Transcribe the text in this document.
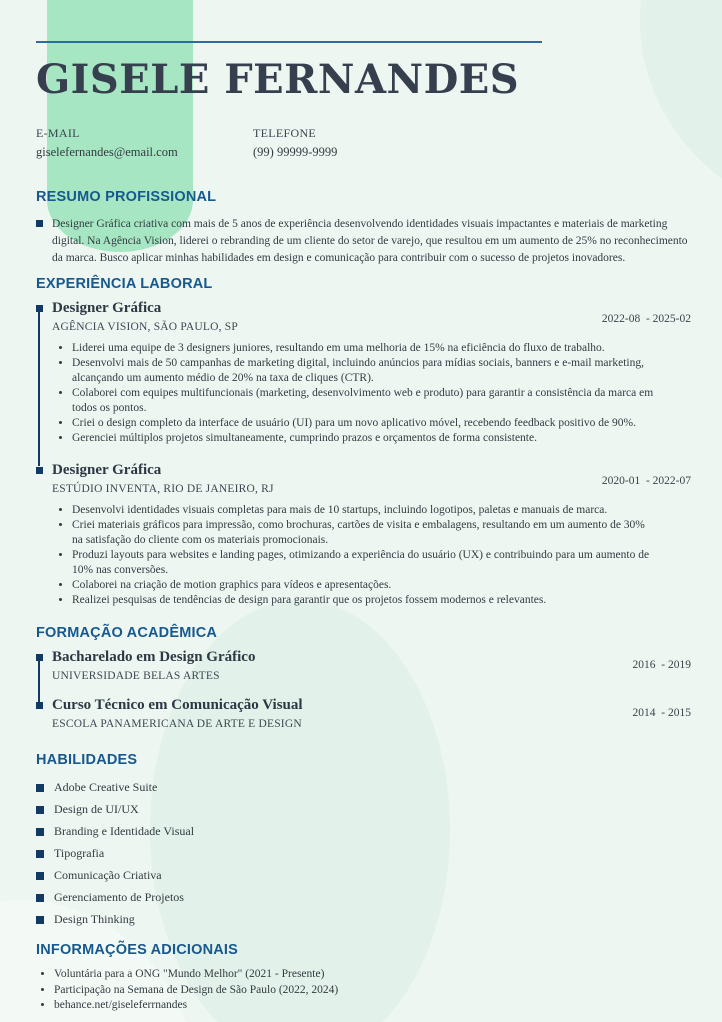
GISELE FERNANDES
E-MAIL
giselefernandes@email.com
TELEFONE
(99) 99999-9999
RESUMO PROFISSIONAL

Designer Gráfica criativa com mais de 5 anos de experiência desenvolvendo identidades visuais impactantes e materiais de marketing digital. Na Agência Vision, liderei o rebranding de um cliente do setor de varejo, que resultou em um aumento de 25% no reconhecimento da marca. Busco aplicar minhas habilidades em design e comunicação para contribuir com o sucesso de projetos inovadores.

EXPERIÊNCIA LABORAL
Designer Gráfica
2022-08  - 2025-02
AGÊNCIA VISION, SÃO PAULO, SP
• Liderei uma equipe de 3 designers juniores, resultando em uma melhoria de 15% na eficiência do fluxo de trabalho.
• Desenvolvi mais de 50 campanhas de marketing digital, incluindo anúncios para mídias sociais, banners e e-mail marketing, alcançando um aumento médio de 20% na taxa de cliques (CTR).
• Colaborei com equipes multifuncionais (marketing, desenvolvimento web e produto) para garantir a consistência da marca em todos os pontos.
• Criei o design completo da interface de usuário (UI) para um novo aplicativo móvel, recebendo feedback positivo de 90%.
• Gerenciei múltiplos projetos simultaneamente, cumprindo prazos e orçamentos de forma consistente.
Designer Gráfica
2020-01  - 2022-07
ESTÚDIO INVENTA, RIO DE JANEIRO, RJ
• Desenvolvi identidades visuais completas para mais de 10 startups, incluindo logotipos, paletas e manuais de marca.
• Criei materiais gráficos para impressão, como brochuras, cartões de visita e embalagens, resultando em um aumento de 30% na satisfação do cliente com os materiais promocionais.
• Produzi layouts para websites e landing pages, otimizando a experiência do usuário (UX) e contribuindo para um aumento de 10% nas conversões.
• Colaborei na criação de motion graphics para vídeos e apresentações.
• Realizei pesquisas de tendências de design para garantir que os projetos fossem modernos e relevantes.
FORMAÇÃO ACADÊMICA
Bacharelado em Design Gráfico	2016  - 2019
UNIVERSIDADE BELAS ARTES
Curso Técnico em Comunicação Visual	2014  - 2015
ESCOLA PANAMERICANA DE ARTE E DESIGN
HABILIDADES
Adobe Creative Suite
Design de UI/UX
Branding e Identidade Visual
Tipografia
Comunicação Criativa
Gerenciamento de Projetos
Design Thinking
INFORMAÇÕES ADICIONAIS
• Voluntária para a ONG "Mundo Melhor" (2021 - Presente)
• Participação na Semana de Design de São Paulo (2022, 2024)
• behance.net/giseleferrnandes
